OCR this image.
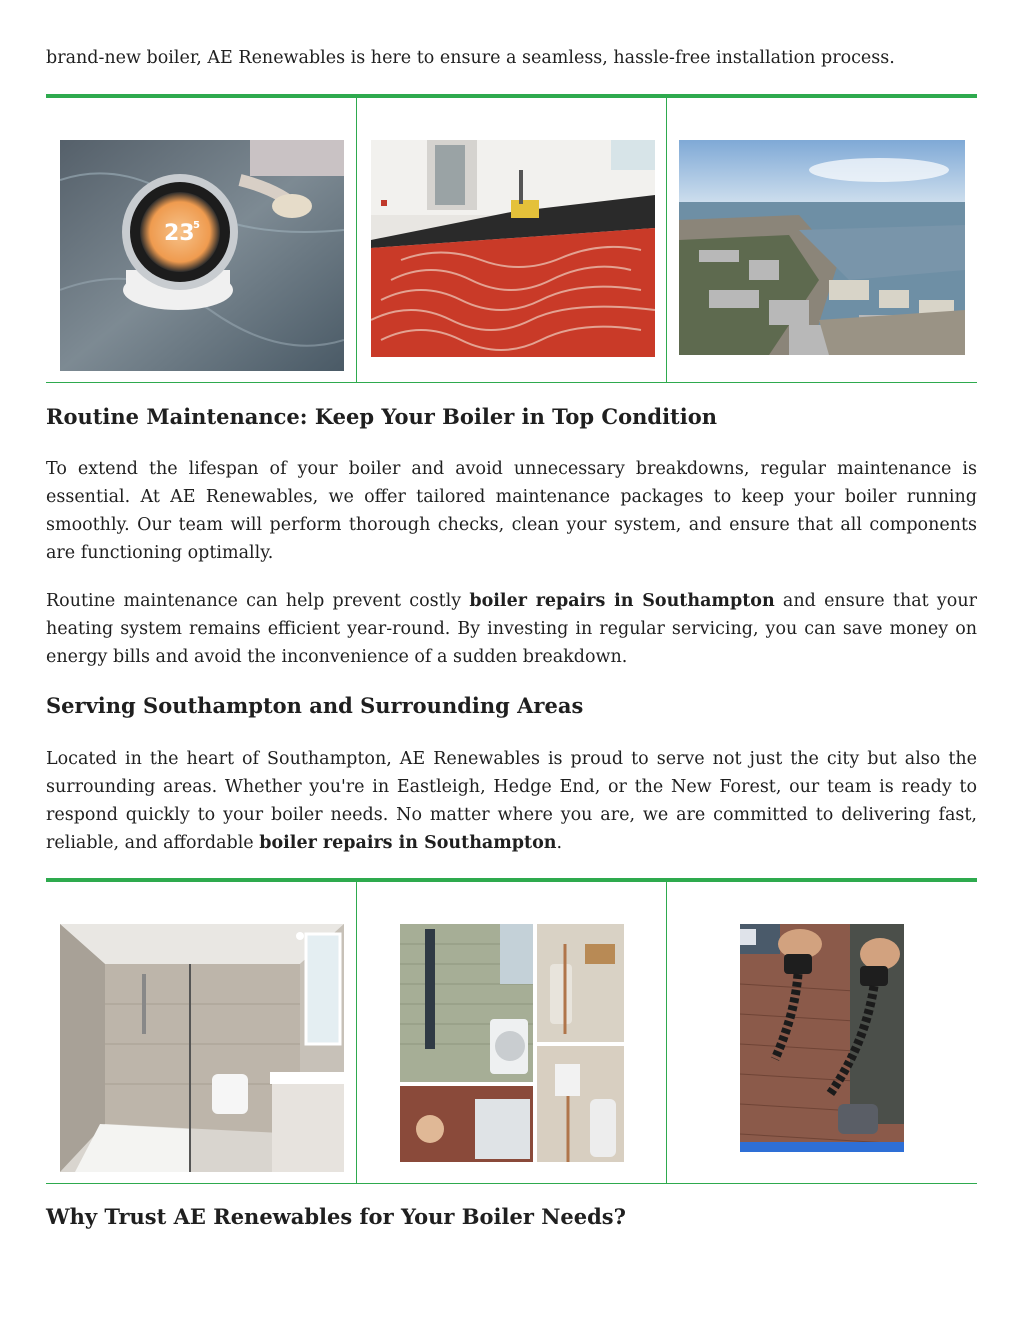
brand-new boiler, AE Renewables is here to ensure a seamless, hassle-free installation process.

23
5
Routine Maintenance: Keep Your Boiler in Top Condition

To extend the lifespan of your boiler and avoid unnecessary breakdowns, regular maintenance is essential. At AE Renewables, we offer tailored maintenance packages to keep your boiler running smoothly. Our team will perform thorough checks, clean your system, and ensure that all components are functioning optimally.

Routine maintenance can help prevent costly boiler repairs in Southampton and ensure that your heating system remains efficient year-round. By investing in regular servicing, you can save money on energy bills and avoid the inconvenience of a sudden breakdown.

Serving Southampton and Surrounding Areas

Located in the heart of Southampton, AE Renewables is proud to serve not just the city but also the surrounding areas. Whether you're in Eastleigh, Hedge End, or the New Forest, our team is ready to respond quickly to your boiler needs. No matter where you are, we are committed to delivering fast, reliable, and affordable boiler repairs in Southampton.

Why Trust AE Renewables for Your Boiler Needs?
